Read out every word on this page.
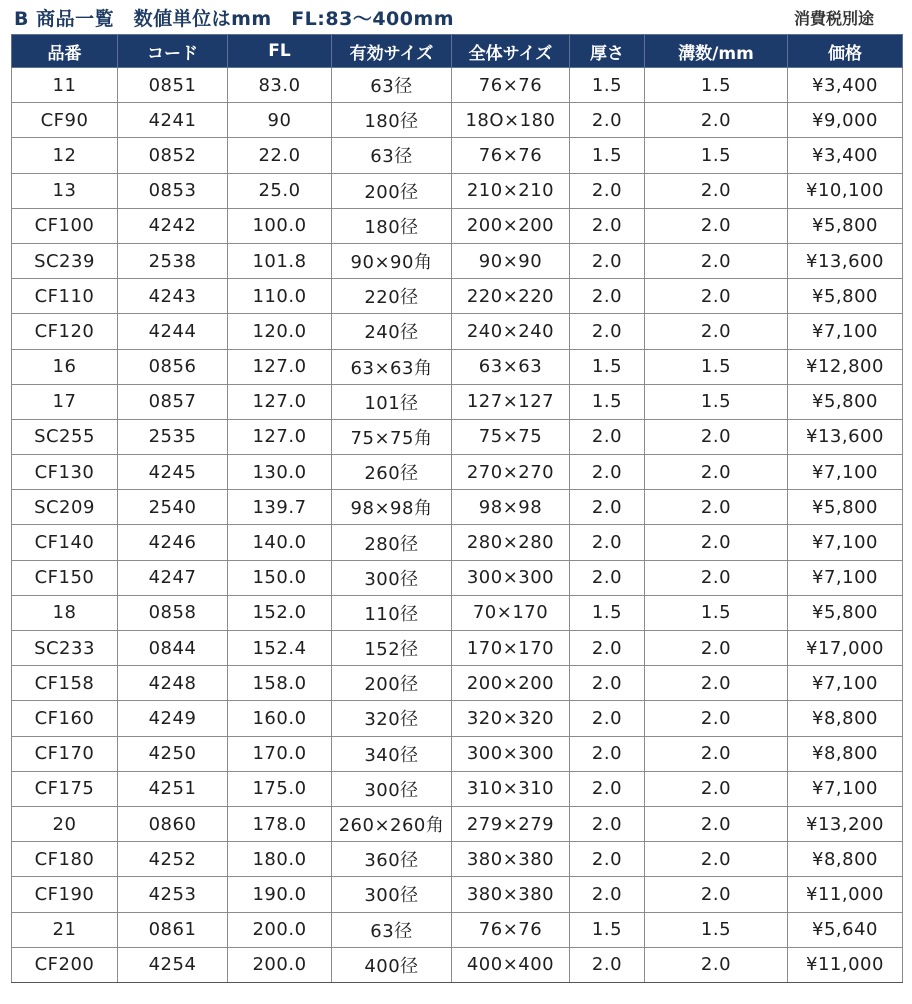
B 商品一覧　数値単位はmm　FL:83〜400mm	消費税別途
品番	コード	FL	有効サイズ	全体サイズ	厚さ	溝数/mm	価格
11	0851	83.0	63径	76×76	1.5	1.5	¥3,400
CF90	4241	90	180径	18O×180	2.0	2.0	¥9,000
12	0852	22.0	63径	76×76	1.5	1.5	¥3,400
13	0853	25.0	200径	210×210	2.0	2.0	¥10,100
CF100	4242	100.0	180径	200×200	2.0	2.0	¥5,800
SC239	2538	101.8	90×90角	90×90	2.0	2.0	¥13,600
CF110	4243	110.0	220径	220×220	2.0	2.0	¥5,800
CF120	4244	120.0	240径	240×240	2.0	2.0	¥7,100
16	0856	127.0	63×63角	63×63	1.5	1.5	¥12,800
17	0857	127.0	101径	127×127	1.5	1.5	¥5,800
SC255	2535	127.0	75×75角	75×75	2.0	2.0	¥13,600
CF130	4245	130.0	260径	270×270	2.0	2.0	¥7,100
SC209	2540	139.7	98×98角	98×98	2.0	2.0	¥5,800
CF140	4246	140.0	280径	280×280	2.0	2.0	¥7,100
CF150	4247	150.0	300径	300×300	2.0	2.0	¥7,100
18	0858	152.0	110径	70×170	1.5	1.5	¥5,800
SC233	0844	152.4	152径	170×170	2.0	2.0	¥17,000
CF158	4248	158.0	200径	200×200	2.0	2.0	¥7,100
CF160	4249	160.0	320径	320×320	2.0	2.0	¥8,800
CF170	4250	170.0	340径	300×300	2.0	2.0	¥8,800
CF175	4251	175.0	300径	310×310	2.0	2.0	¥7,100
20	0860	178.0	260×260角	279×279	2.0	2.0	¥13,200
CF180	4252	180.0	360径	380×380	2.0	2.0	¥8,800
CF190	4253	190.0	300径	380×380	2.0	2.0	¥11,000
21	0861	200.0	63径	76×76	1.5	1.5	¥5,640
CF200	4254	200.0	400径	400×400	2.0	2.0	¥11,000
